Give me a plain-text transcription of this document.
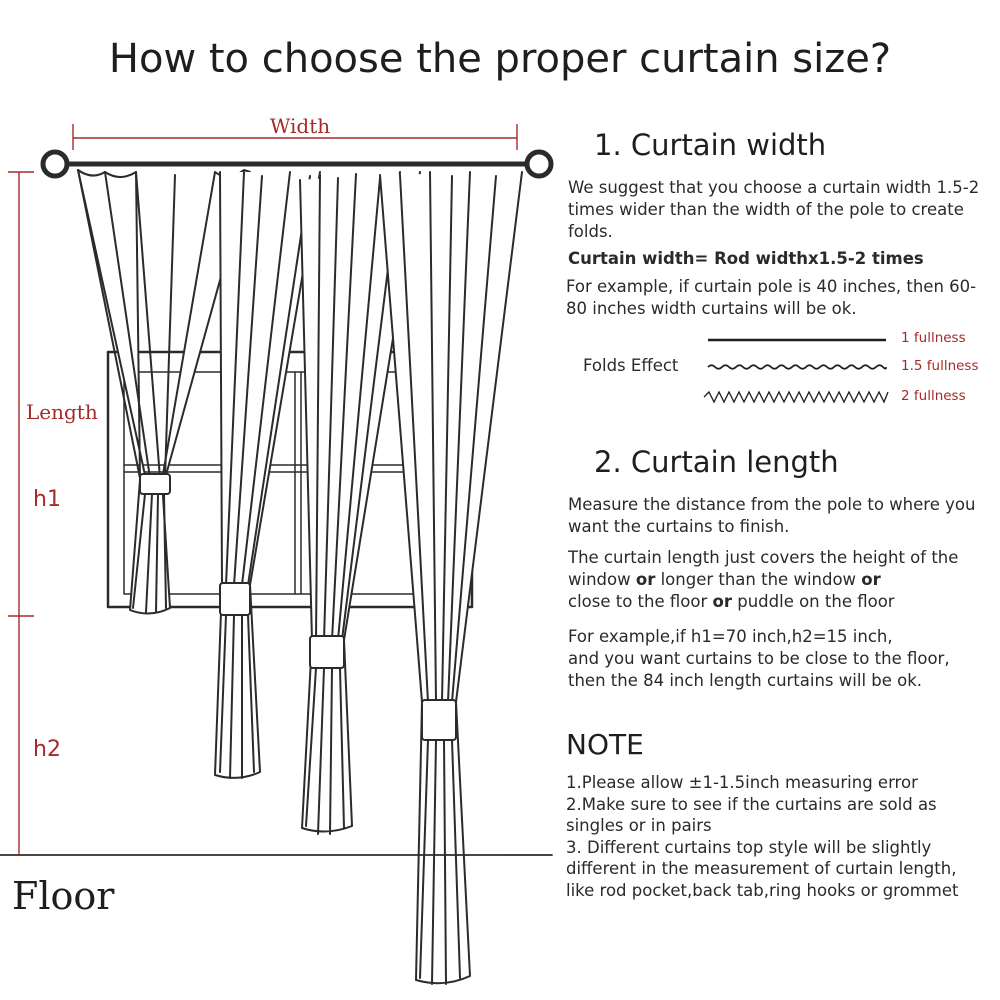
How to choose the proper curtain size?
Width
Length
h1
h2
Floor
1. Curtain width
We suggest that you choose a curtain width 1.5-2 times wider than the width of the pole to create folds.
Curtain width= Rod widthx1.5-2 times
For example, if curtain pole is 40 inches, then 60-80 inches width curtains will be ok.
Folds Effect
1 fullness
1.5 fullness
2 fullness
2. Curtain length
Measure the distance from the pole to where you want the curtains to finish.
The curtain length just covers the height of the window or longer than the window or
close to the floor or puddle on the floor
For example,if h1=70 inch,h2=15 inch,
and you want curtains to be close to the floor,
then the 84 inch length curtains will be ok.
NOTE
1.Please allow ±1-1.5inch measuring error
2.Make sure to see if the curtains are sold as
singles or in pairs
3. Different curtains top style will be slightly
different in the measurement of curtain length,
like rod pocket,back tab,ring hooks or grommet
